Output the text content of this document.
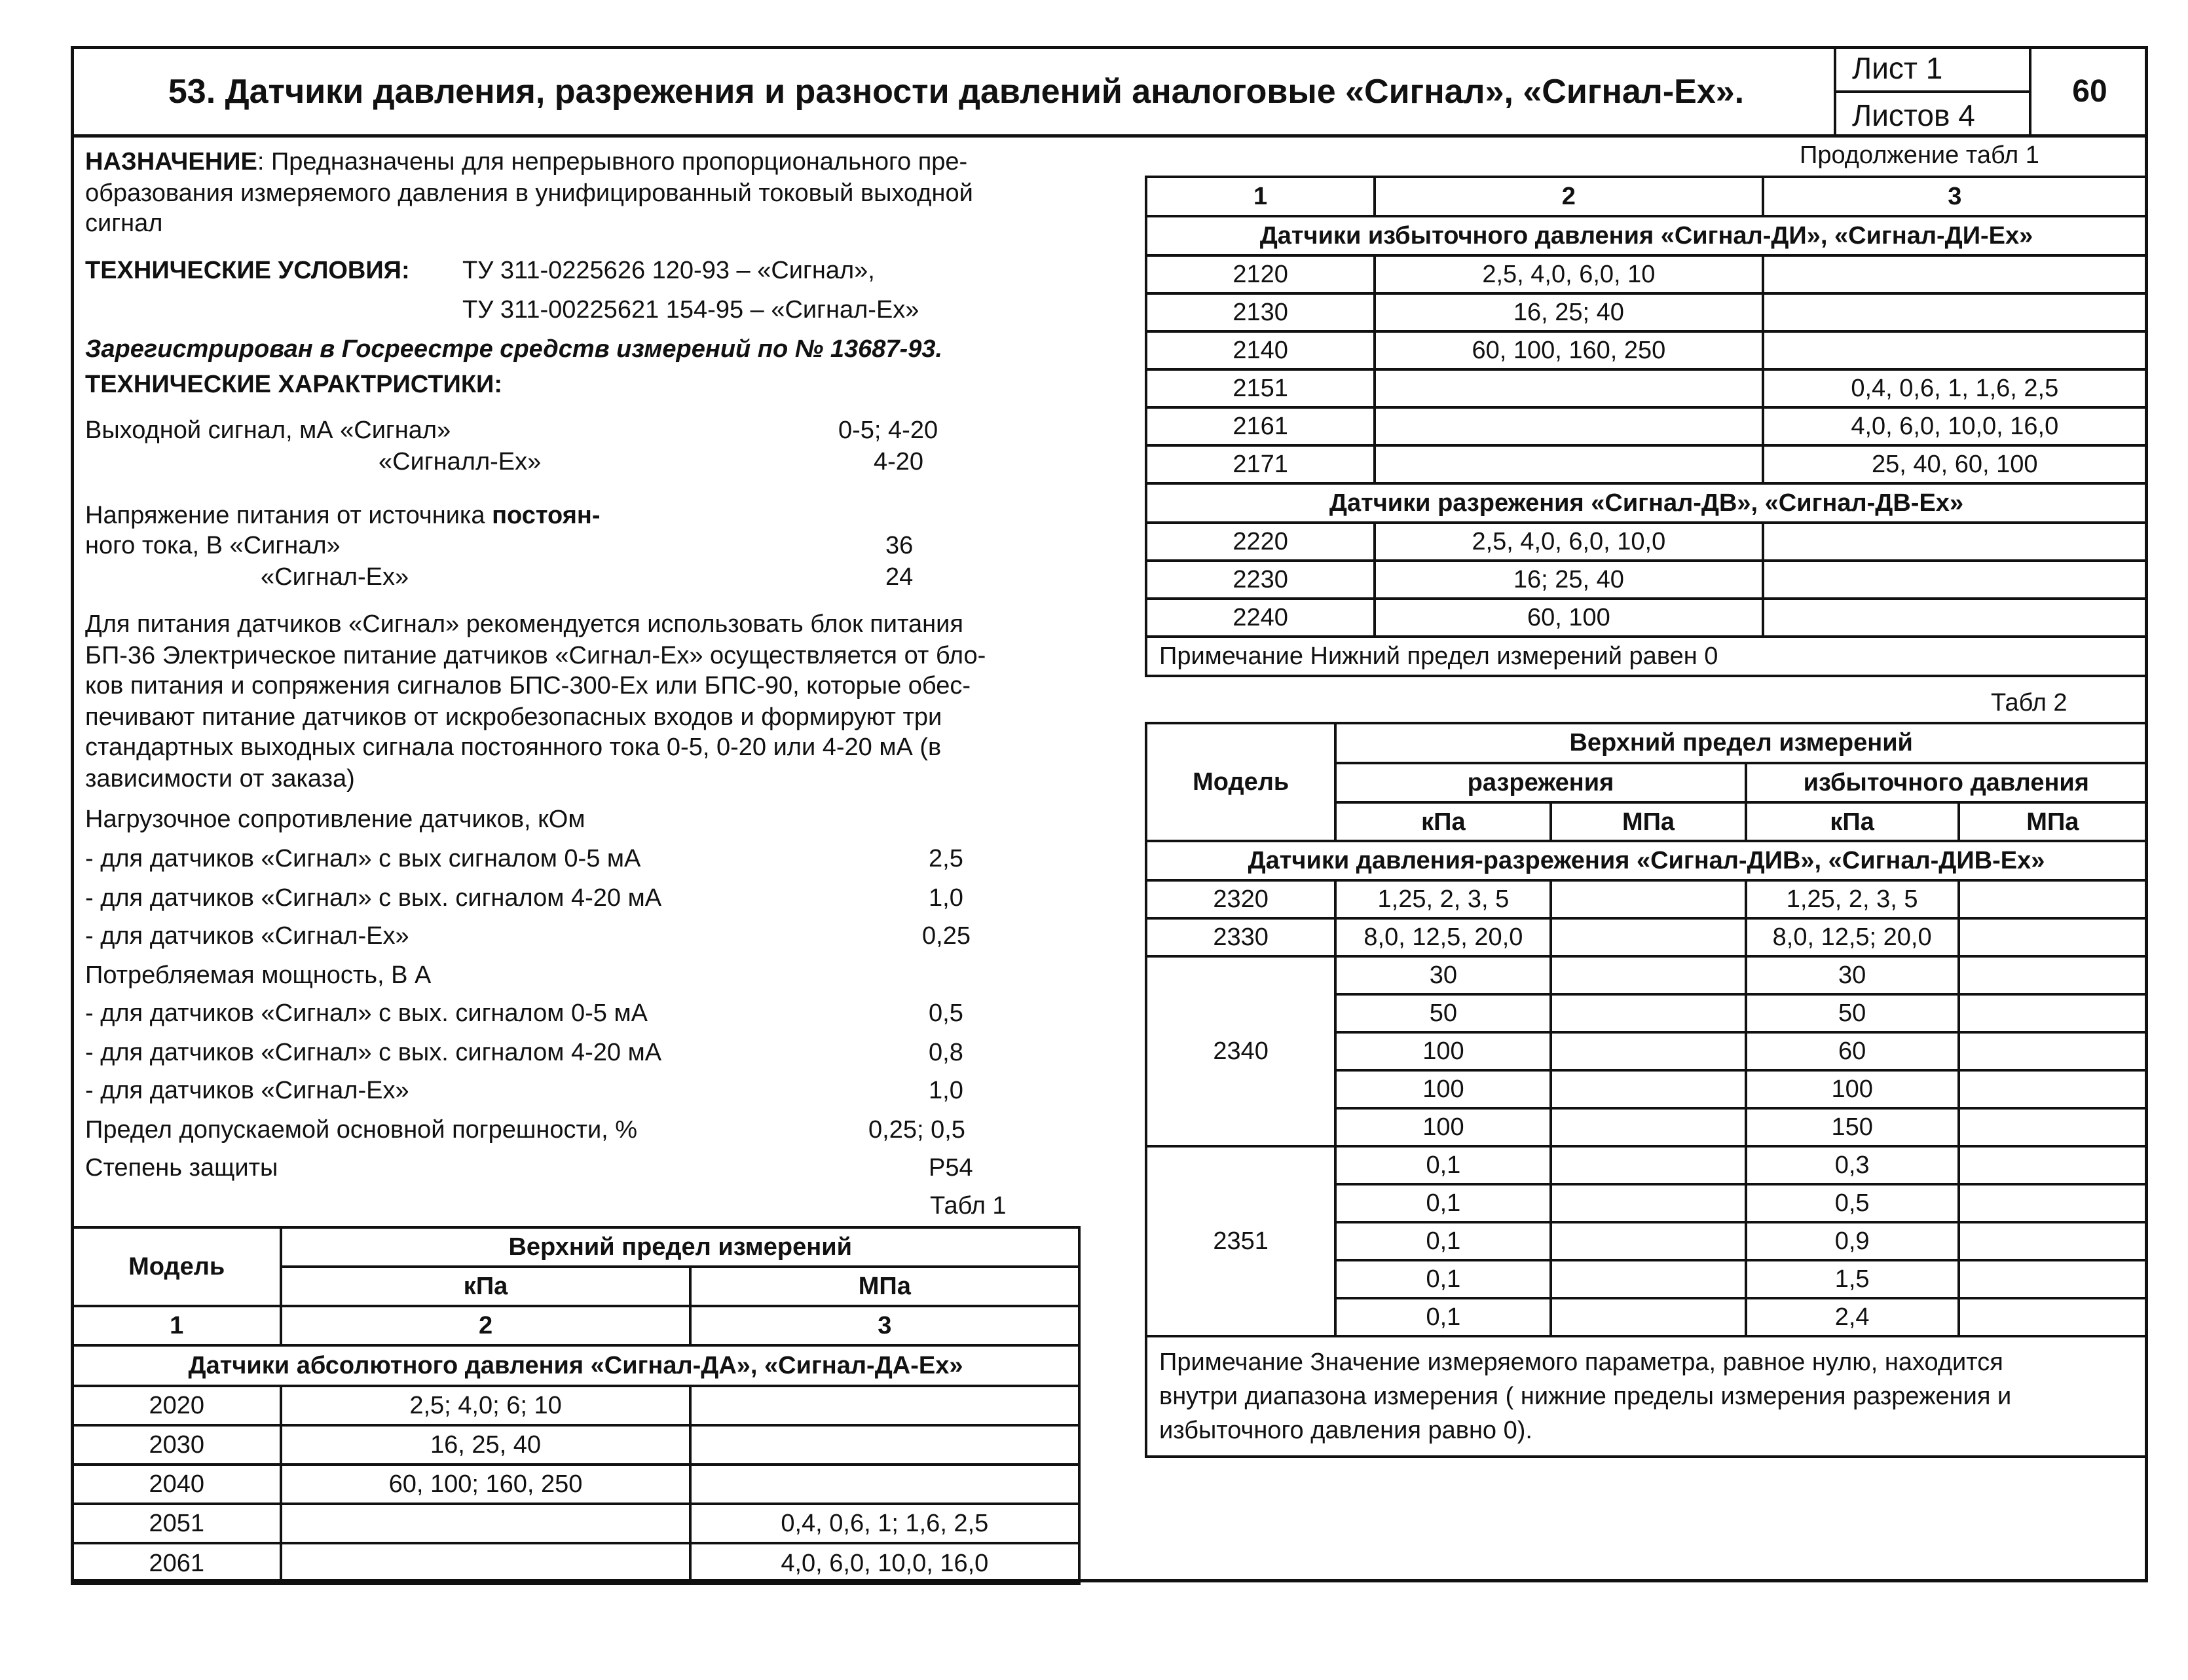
53. Датчики давления, разрежения и разности давлений аналоговые «Сигнал», «Сигнал-Ех».
Лист 1
Листов 4
60
НАЗНАЧЕНИЕ: Предназначены для непрерывного пропорционального пре-
образования измеряемого давления в унифицированный токовый выходной
сигнал
ТЕХНИЧЕСКИЕ УСЛОВИЯ: ТУ 311-0225626 120-93 – «Сигнал»,
ТУ 311-00225621 154-95 – «Сигнал-Ех»
Зарегистрирован в Госреестре средств измерений по № 13687-93.
ТЕХНИЧЕСКИЕ ХАРАКТРИСТИКИ:
Выходной сигнал, мА «Сигнал»	0-5; 4-20
«Сигналл-Ех»	4-20
Напряжение питания от источника постоян-
ного тока, В «Сигнал»	36
«Сигнал-Ех»	24
Для питания датчиков «Сигнал» рекомендуется использовать блок питания
БП-36 Электрическое питание датчиков «Сигнал-Ех» осуществляется от бло-
ков питания и сопряжения сигналов БПС-300-Ех или БПС-90, которые обес-
печивают питание датчиков от искробезопасных входов и формируют три
стандартных выходных сигнала постоянного тока 0-5, 0-20 или 4-20 мА (в
зависимости от заказа)
Нагрузочное сопротивление датчиков, кОм
- для датчиков «Сигнал» с вых сигналом 0-5 мА	2,5
- для датчиков «Сигнал» с вых. сигналом 4-20 мА	1,0
- для датчиков «Сигнал-Ех»	0,25
Потребляемая мощность, В А
- для датчиков «Сигнал» с вых. сигналом 0-5 мА	0,5
- для датчиков «Сигнал» с вых. сигналом 4-20 мА	0,8
- для датчиков «Сигнал-Ех»	1,0
Предел допускаемой основной погрешности, %	0,25; 0,5
Степень защиты	Р54
Табл 1
Модель	Верхний предел измерений	
	кПа	МПа
1	2	3
Датчики абсолютного давления «Сигнал-ДА», «Сигнал-ДА-Ех»		
2020	2,5; 4,0; 6; 10	
2030	16, 25, 40	
2040	60, 100; 160, 250	
2051		0,4, 0,6, 1; 1,6, 2,5
2061		4,0, 6,0, 10,0, 16,0
Продолжение табл 1
1	2	3
Датчики избыточного давления «Сигнал-ДИ», «Сигнал-ДИ-Ех»		
2120	2,5, 4,0, 6,0, 10	
2130	16, 25; 40	
2140	60, 100, 160, 250	
2151		0,4, 0,6, 1, 1,6, 2,5
2161		4,0, 6,0, 10,0, 16,0
2171		25, 40, 60, 100
Датчики разрежения «Сигнал-ДВ», «Сигнал-ДВ-Ех»		
2220	2,5, 4,0, 6,0, 10,0	
2230	16; 25, 40	
2240	60, 100	
Примечание Нижний предел измерений равен 0		
Табл 2
Модель	Верхний предел измерений			
	разрежения		избыточного давления	
	кПа	МПа	кПа	МПа
Датчики давления-разрежения «Сигнал-ДИВ», «Сигнал-ДИВ-Ех»				
2320	1,25, 2, 3, 5		1,25, 2, 3, 5	
2330	8,0, 12,5, 20,0		8,0, 12,5; 20,0	
2340	30		30	
	50		50	
	100		60	
	100		100	
	100		150	
2351	0,1		0,3	
	0,1		0,5	
	0,1		0,9	
	0,1		1,5	
	0,1		2,4	

Примечание Значение измеряемого параметра, равное нулю, находится
внутри диапазона измерения ( нижние пределы измерения разрежения и
избыточного давления равно 0).				
